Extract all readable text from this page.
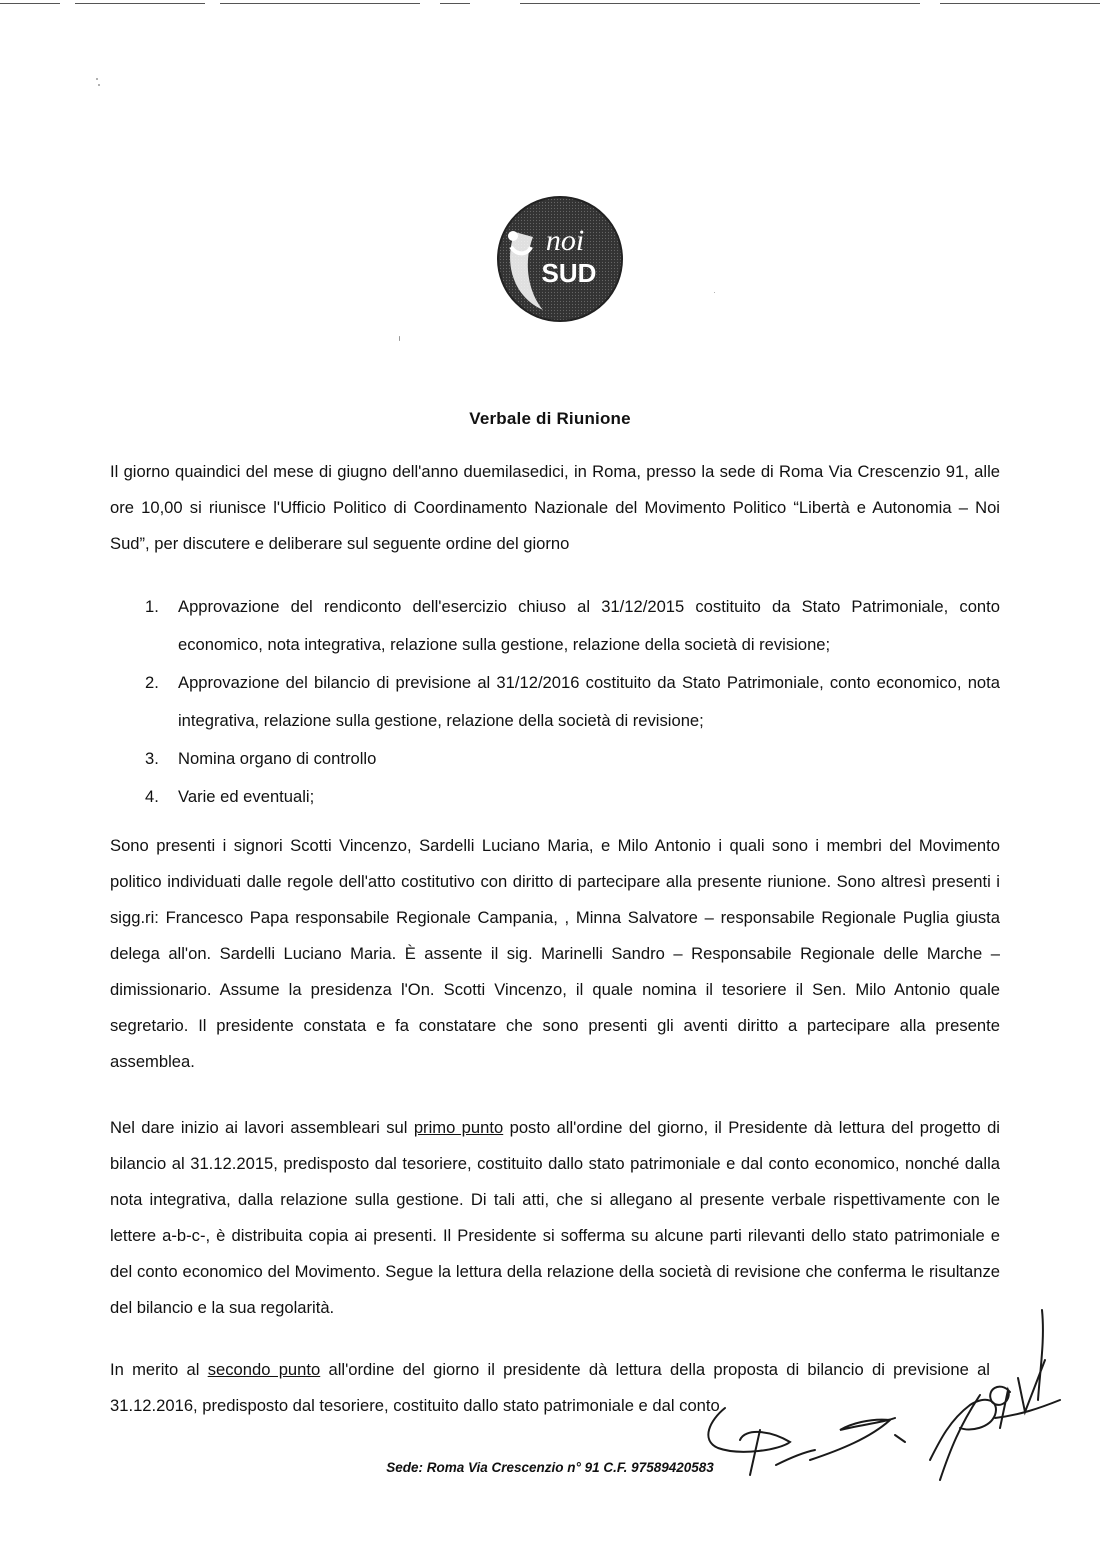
noi
SUD
Verbale di Riunione

Il giorno quaindici del mese di giugno dell'anno duemilasedici, in Roma, presso la sede di Roma Via Crescenzio 91, alle ore 10,00 si riunisce l'Ufficio Politico di Coordinamento Nazionale del Movimento Politico “Libertà e Autonomia – Noi Sud”, per discutere e deliberare sul seguente ordine del giorno

1. Approvazione del rendiconto dell'esercizio chiuso al 31/12/2015 costituito da Stato Patrimoniale, conto economico, nota integrativa, relazione sulla gestione, relazione della società di revisione;
2. Approvazione del bilancio di previsione al 31/12/2016 costituito da Stato Patrimoniale, conto economico, nota integrativa, relazione sulla gestione, relazione della società di revisione;
3. Nomina organo di controllo
4. Varie ed eventuali;

Sono presenti i signori Scotti Vincenzo, Sardelli Luciano Maria, e Milo Antonio i quali sono i membri del Movimento politico individuati dalle regole dell'atto costitutivo con diritto di partecipare alla presente riunione. Sono altresì presenti i sigg.ri: Francesco Papa responsabile Regionale Campania, , Minna Salvatore – responsabile Regionale Puglia giusta delega all'on. Sardelli Luciano Maria. È assente il sig. Marinelli Sandro – Responsabile Regionale delle Marche – dimissionario. Assume la presidenza l'On. Scotti Vincenzo, il quale nomina il tesoriere il Sen. Milo Antonio quale segretario. Il presidente constata e fa constatare che sono presenti gli aventi diritto a partecipare alla presente assemblea.

Nel dare inizio ai lavori assembleari sul primo punto posto all'ordine del giorno, il Presidente dà lettura del progetto di bilancio al 31.12.2015, predisposto dal tesoriere, costituito dallo stato patrimoniale e dal conto economico, nonché dalla nota integrativa, dalla relazione sulla gestione. Di tali atti, che si allegano al presente verbale rispettivamente con le lettere a-b-c-, è distribuita copia ai presenti. Il Presidente si sofferma su alcune parti rilevanti dello stato patrimoniale e del conto economico del Movimento. Segue la lettura della relazione della società di revisione che conferma le risultanze del bilancio e la sua regolarità.

In merito al secondo punto all'ordine del giorno il presidente dà lettura della proposta di bilancio di previsione al 31.12.2016, predisposto dal tesoriere, costituito dallo stato patrimoniale e dal conto

Sede: Roma Via Crescenzio n° 91 C.F. 97589420583
